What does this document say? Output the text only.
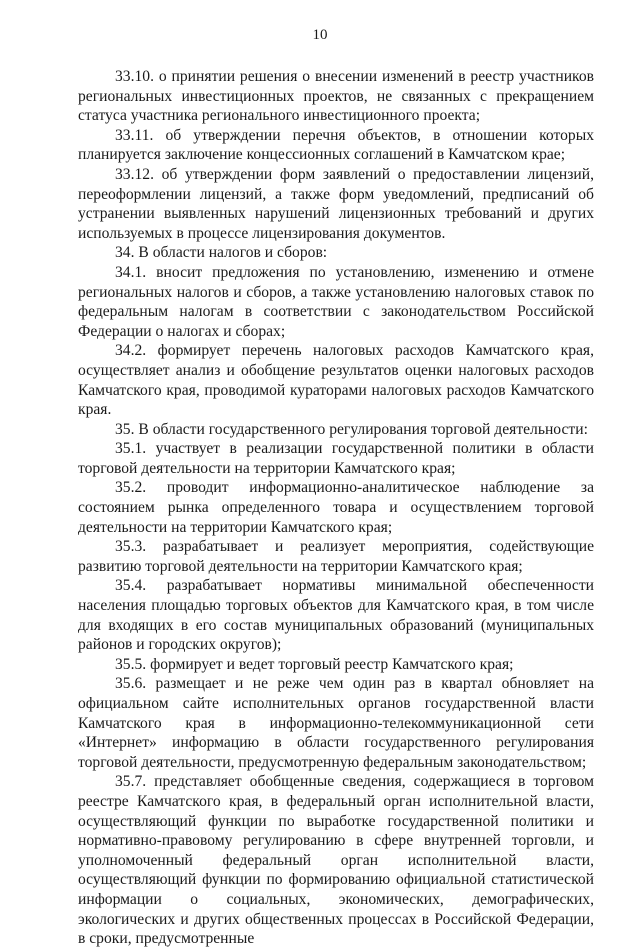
10

33.10. о принятии решения о внесении изменений в реестр участников региональных инвестиционных проектов, не связанных с прекращением статуса участника регионального инвестиционного проекта;

33.11. об утверждении перечня объектов, в отношении которых планируется заключение концессионных соглашений в Камчатском крае;

33.12. об утверждении форм заявлений о предоставлении лицензий, переоформлении лицензий, а также форм уведомлений, предписаний об устранении выявленных нарушений лицензионных требований и других используемых в процессе лицензирования документов.

34. В области налогов и сборов:

34.1. вносит предложения по установлению, изменению и отмене региональных налогов и сборов, а также установлению налоговых ставок по федеральным налогам в соответствии с законодательством Российской Федерации о налогах и сборах;

34.2. формирует перечень налоговых расходов Камчатского края, осуществляет анализ и обобщение результатов оценки налоговых расходов Камчатского края, проводимой кураторами налоговых расходов Камчатского края.

35. В области государственного регулирования торговой деятельности:

35.1. участвует в реализации государственной политики в области торговой деятельности на территории Камчатского края;

35.2. проводит информационно-аналитическое наблюдение за состоянием рынка определенного товара и осуществлением торговой деятельности на территории Камчатского края;

35.3. разрабатывает и реализует мероприятия, содействующие развитию торговой деятельности на территории Камчатского края;

35.4. разрабатывает нормативы минимальной обеспеченности населения площадью торговых объектов для Камчатского края, в том числе для входящих в его состав муниципальных образований (муниципальных районов и городских округов);

35.5. формирует и ведет торговый реестр Камчатского края;

35.6. размещает и не реже чем один раз в квартал обновляет на официальном сайте исполнительных органов государственной власти Камчатского края в информационно-телекоммуникационной сети «Интернет» информацию в области государственного регулирования торговой деятельности, предусмотренную федеральным законодательством;

35.7. представляет обобщенные сведения, содержащиеся в торговом реестре Камчатского края, в федеральный орган исполнительной власти, осуществляющий функции по выработке государственной политики и нормативно-правовому регулированию в сфере внутренней торговли, и уполномоченный федеральный орган исполнительной власти, осуществляющий функции по формированию официальной статистической информации о социальных, экономических, демографических, экологических и других общественных процессах в Российской Федерации, в сроки, предусмотренные
